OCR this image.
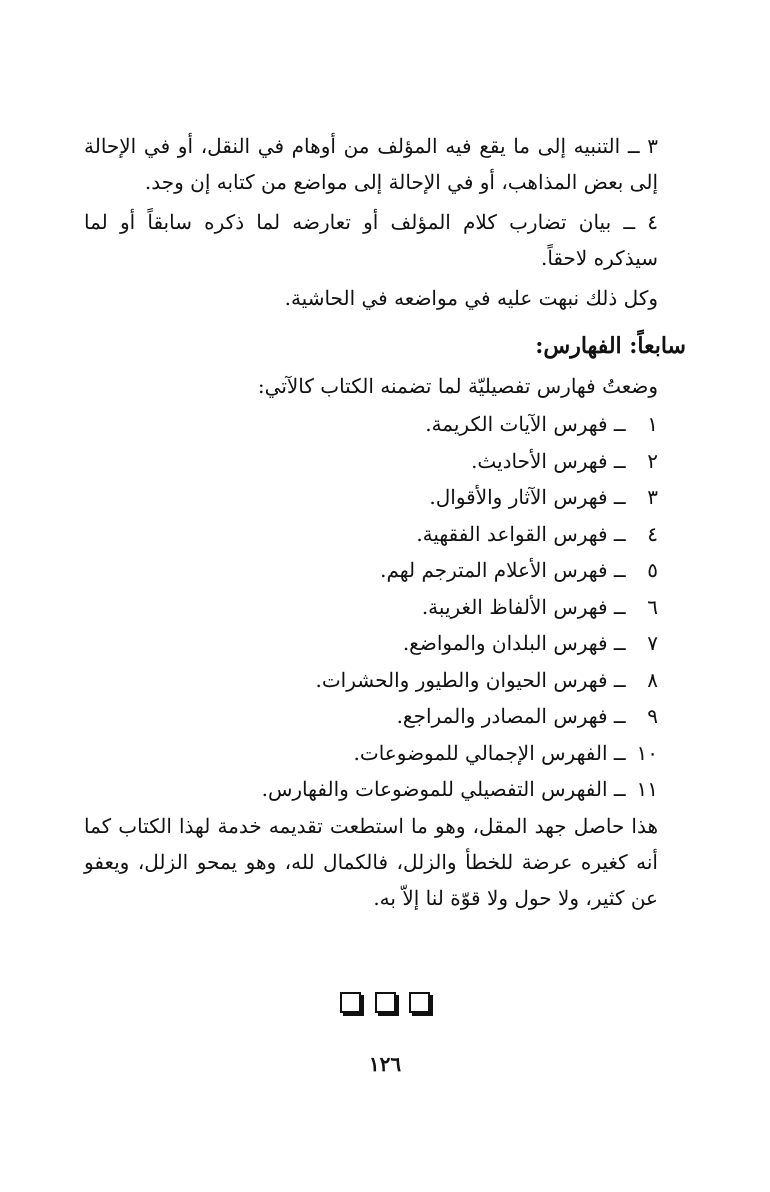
٣ ــ التنبيه إلى ما يقع فيه المؤلف من أوهام في النقل، أو في الإحالة إلى بعض المذاهب، أو في الإحالة إلى مواضع من كتابه إن وجد.

٤ ــ بيان تضارب كلام المؤلف أو تعارضه لما ذكره سابقاً أو لما سيذكره لاحقاً.

وكل ذلك نبهت عليه في مواضعه في الحاشية.

سابعاً: الفهارس:
وضعتُ فهارس تفصيليّة لما تضمنه الكتاب كالآتي:
١ ــ فهرس الآيات الكريمة.
٢ ــ فهرس الأحاديث.
٣ ــ فهرس الآثار والأقوال.
٤ ــ فهرس القواعد الفقهية.
٥ ــ فهرس الأعلام المترجم لهم.
٦ ــ فهرس الألفاظ الغريبة.
٧ ــ فهرس البلدان والمواضع.
٨ ــ فهرس الحيوان والطيور والحشرات.
٩ ــ فهرس المصادر والمراجع.
١٠ ــ الفهرس الإجمالي للموضوعات.
١١ ــ الفهرس التفصيلي للموضوعات والفهارس.

هذا حاصل جهد المقل، وهو ما استطعت تقديمه خدمة لهذا الكتاب كما أنه كغيره عرضة للخطأ والزلل، فالكمال لله، وهو يمحو الزلل، ويعفو عن كثير، ولا حول ولا قوّة لنا إلاّ به.

١٢٦
